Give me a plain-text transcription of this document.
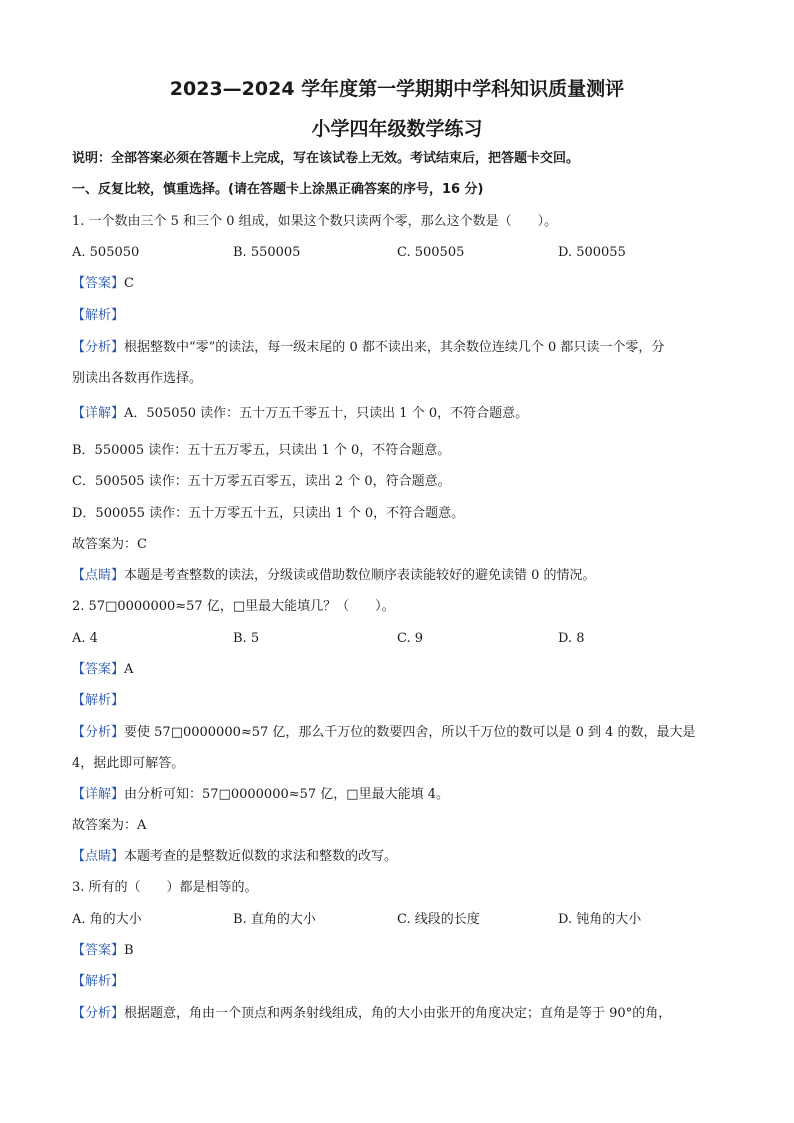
2023—2024 学年度第一学期期中学科知识质量测评
小学四年级数学练习
说明：全部答案必须在答题卡上完成，写在该试卷上无效。考试结束后，把答题卡交回。
一、反复比较，慎重选择。(请在答题卡上涂黑正确答案的序号，16 分)
1. 一个数由三个 5 和三个 0 组成，如果这个数只读两个零，那么这个数是（　　）。
A. 505050	B. 550005	C. 500505	D. 500055
【答案】C
【解析】
【分析】根据整数中“零”的读法，每一级末尾的 0 都不读出来，其余数位连续几个 0 都只读一个零，分
别读出各数再作选择。
【详解】A．505050 读作：五十万五千零五十，只读出 1 个 0，不符合题意。
B．550005 读作：五十五万零五，只读出 1 个 0，不符合题意。
C．500505 读作：五十万零五百零五，读出 2 个 0，符合题意。
D．500055 读作：五十万零五十五，只读出 1 个 0，不符合题意。
故答案为：C
【点睛】本题是考查整数的读法，分级读或借助数位顺序表读能较好的避免读错 0 的情况。
2. 57□0000000≈57 亿，□里最大能填几？（　　）。
A. 4	B. 5	C. 9	D. 8
【答案】A
【解析】
【分析】要使 57□0000000≈57 亿，那么千万位的数要四舍，所以千万位的数可以是 0 到 4 的数，最大是
4，据此即可解答。
【详解】由分析可知：57□0000000≈57 亿，□里最大能填 4。
故答案为：A
【点睛】本题考查的是整数近似数的求法和整数的改写。
3. 所有的（　　）都是相等的。
A. 角的大小	B. 直角的大小	C. 线段的长度	D. 钝角的大小
【答案】B
【解析】
【分析】根据题意，角由一个顶点和两条射线组成，角的大小由张开的角度决定；直角是等于 90°的角，
